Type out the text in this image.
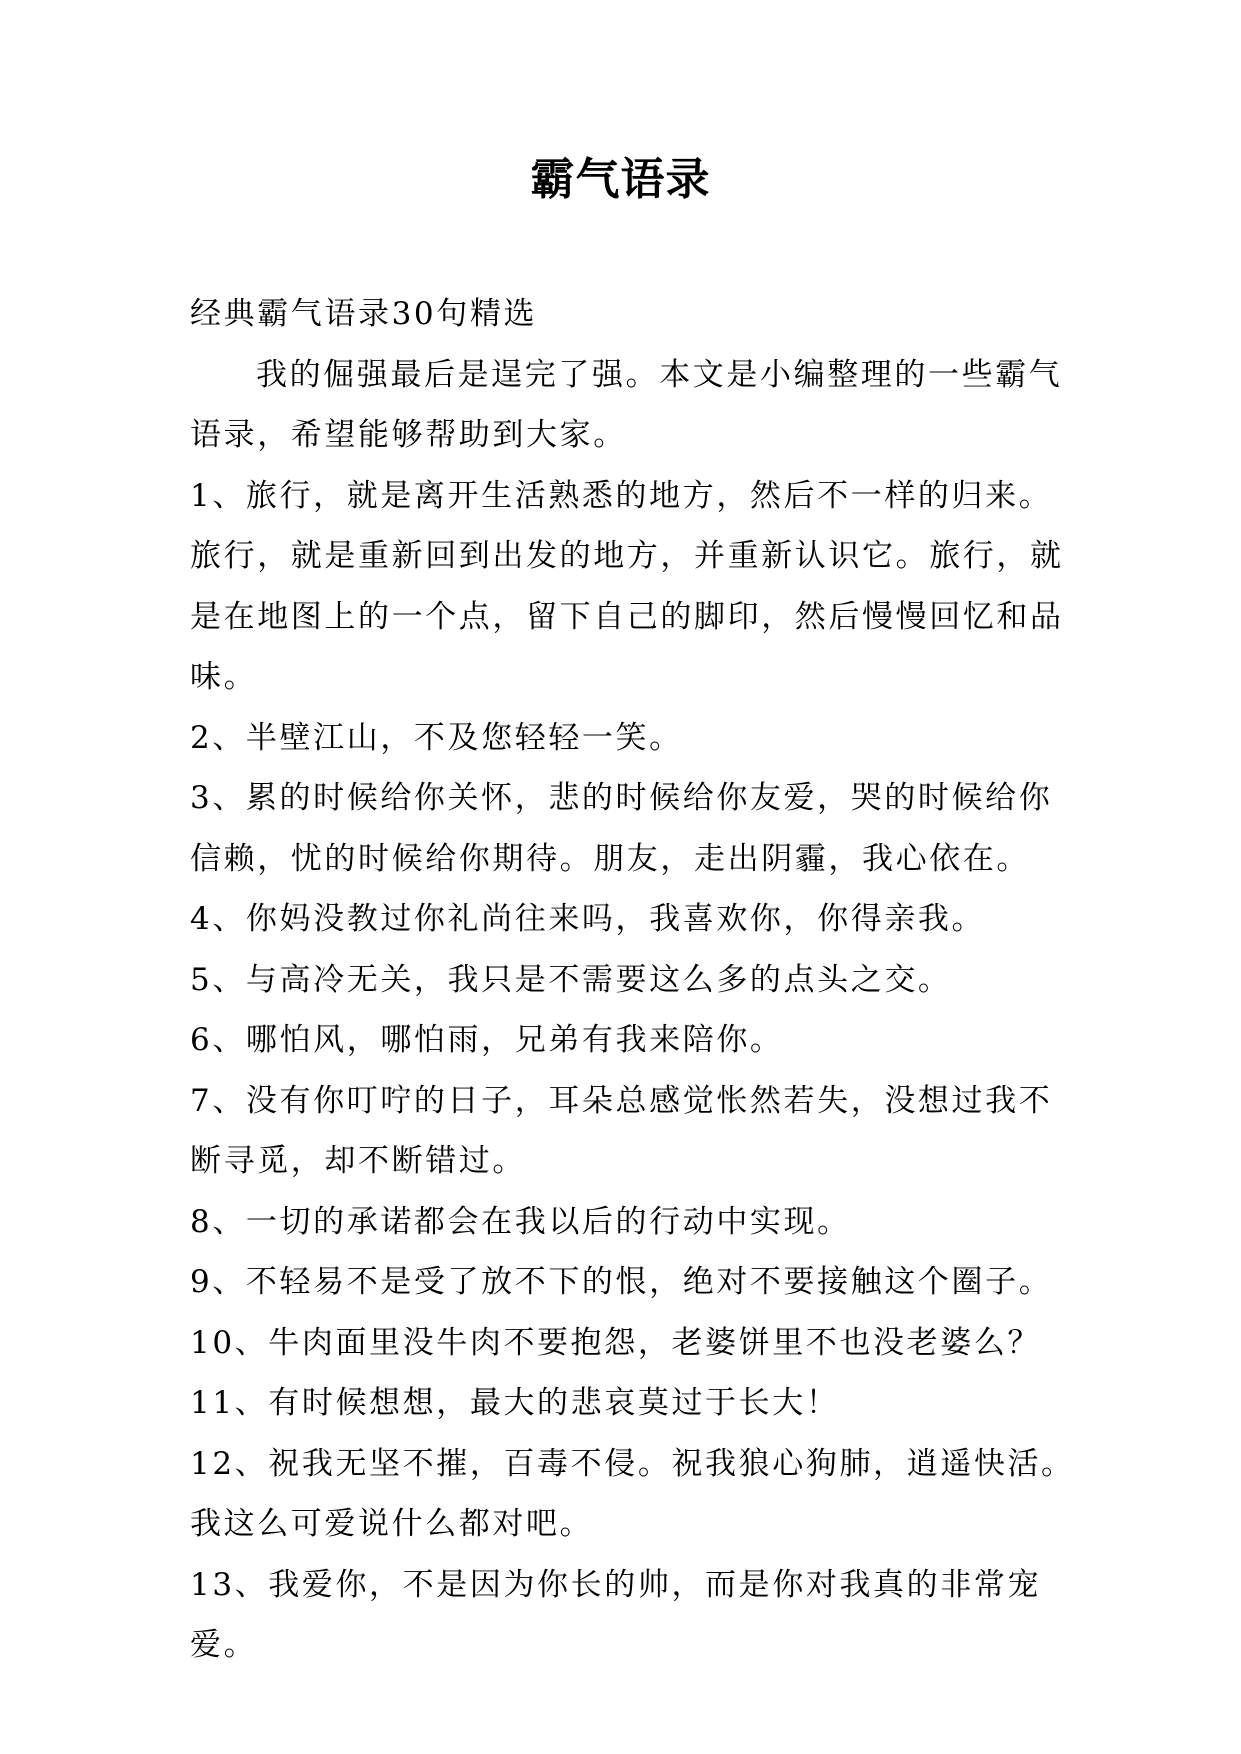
霸气语录

经典霸气语录30句精选

我的倔强最后是逞完了强。本文是小编整理的一些霸气语录，希望能够帮助到大家。

1、旅行，就是离开生活熟悉的地方，然后不一样的归来。旅行，就是重新回到出发的地方，并重新认识它。旅行，就是在地图上的一个点，留下自己的脚印，然后慢慢回忆和品味。

2、半壁江山，不及您轻轻一笑。

3、累的时候给你关怀，悲的时候给你友爱，哭的时候给你信赖，忧的时候给你期待。朋友，走出阴霾，我心依在。

4、你妈没教过你礼尚往来吗，我喜欢你，你得亲我。

5、与高冷无关，我只是不需要这么多的点头之交。

6、哪怕风，哪怕雨，兄弟有我来陪你。

7、没有你叮咛的日子，耳朵总感觉怅然若失，没想过我不断寻觅，却不断错过。

8、一切的承诺都会在我以后的行动中实现。

9、不轻易不是受了放不下的恨，绝对不要接触这个圈子。

10、牛肉面里没牛肉不要抱怨，老婆饼里不也没老婆么？

11、有时候想想，最大的悲哀莫过于长大！

12、祝我无坚不摧，百毒不侵。祝我狼心狗肺，逍遥快活。我这么可爱说什么都对吧。

13、我爱你，不是因为你长的帅，而是你对我真的非常宠爱。
